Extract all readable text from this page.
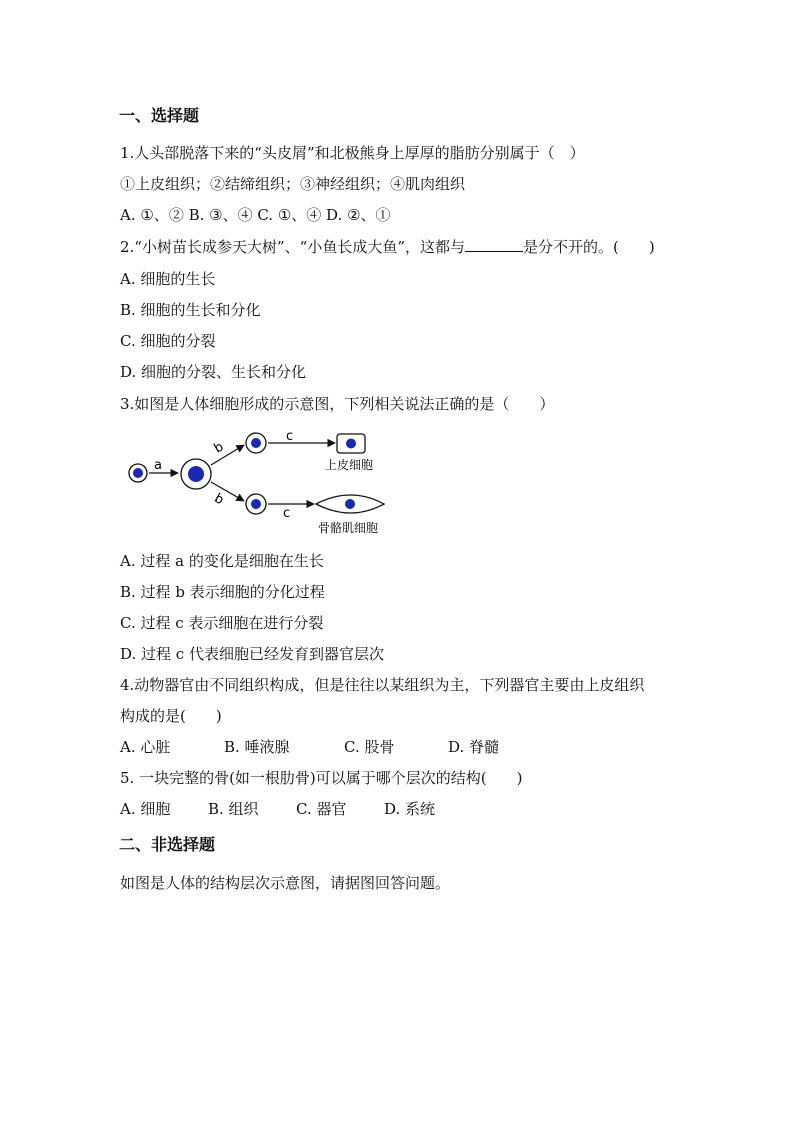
一、选择题
1.人头部脱落下来的“头皮屑”和北极熊身上厚厚的脂肪分别属于（　）
①上皮组织；②结缔组织；③神经组织；④肌肉组织
A. ①、② B. ③、④ C. ①、④ D. ②、①
2.“小树苗长成参天大树”、“小鱼长成大鱼”，这都与	是分不开的。(　　)
A. 细胞的生长
B. 细胞的生长和分化
C. 细胞的分裂
D. 细胞的分裂、生长和分化
3.如图是人体细胞形成的示意图，下列相关说法正确的是（　　）
a
b
b
c
c
上皮细胞
骨骼肌细胞
A. 过程 a 的变化是细胞在生长
B. 过程 b 表示细胞的分化过程
C. 过程 c 表示细胞在进行分裂
D. 过程 c 代表细胞已经发育到器官层次
4.动物器官由不同组织构成，但是往往以某组织为主，下列器官主要由上皮组织
构成的是(　　)
A. 心脏	B. 唾液腺	C. 股骨	D. 脊髓
5. 一块完整的骨(如一根肋骨)可以属于哪个层次的结构(　　)
A. 细胞	B. 组织 C. 器官	D. 系统
二、非选择题
如图是人体的结构层次示意图，请据图回答问题。
